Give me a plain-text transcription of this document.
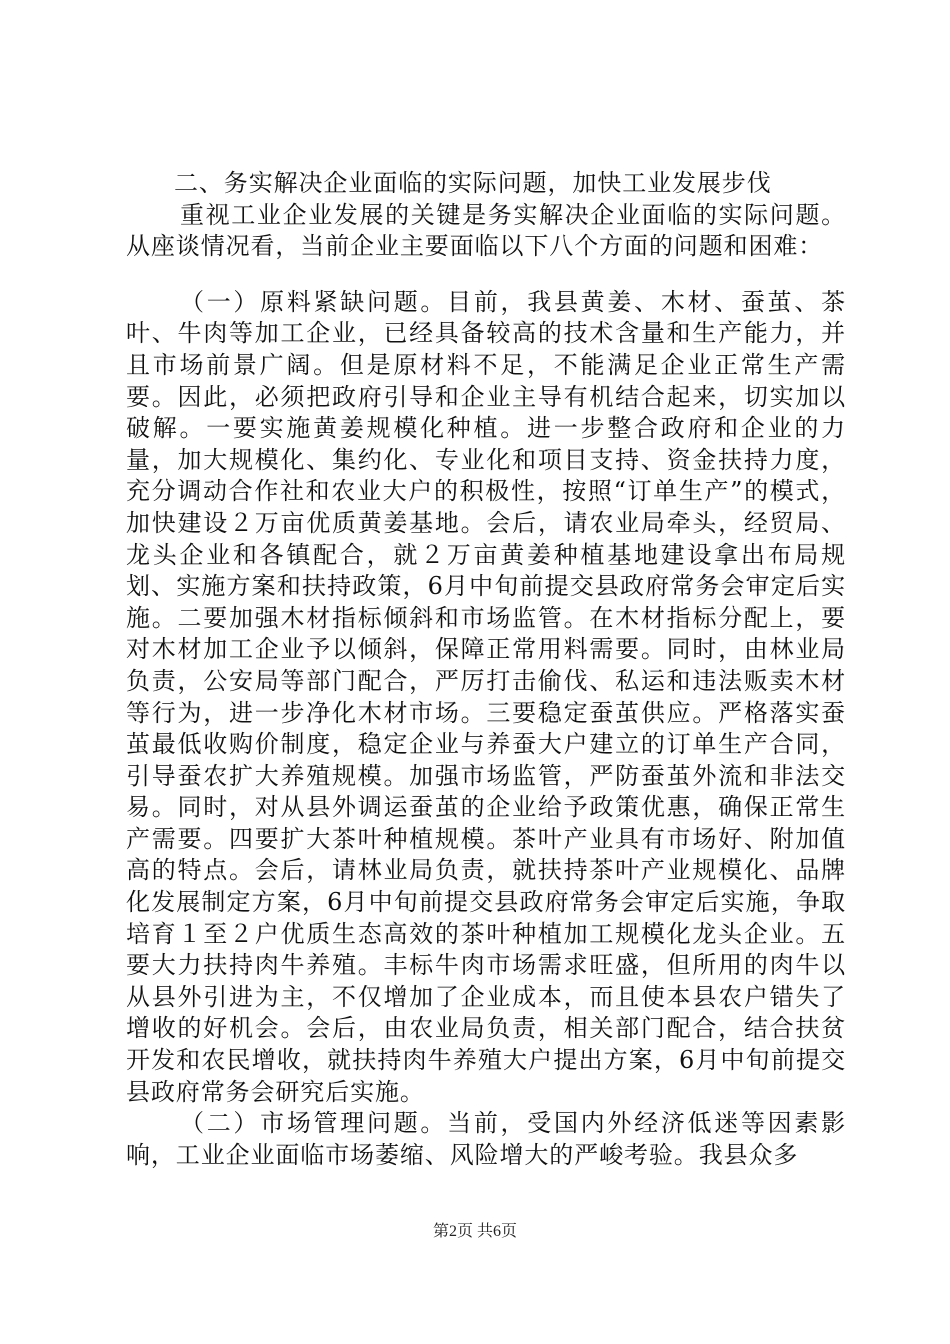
二、务实解决企业面临的实际问题，加快工业发展步伐

重视工业企业发展的关键是务实解决企业面临的实际问题。从座谈情况看，当前企业主要面临以下八个方面的问题和困难：

（一）原料紧缺问题。目前，我县黄姜、木材、蚕茧、茶叶、牛肉等加工企业，已经具备较高的技术含量和生产能力，并且市场前景广阔。但是原材料不足，不能满足企业正常生产需要。因此，必须把政府引导和企业主导有机结合起来，切实加以破解。一要实施黄姜规模化种植。进一步整合政府和企业的力量，加大规模化、集约化、专业化和项目支持、资金扶持力度，充分调动合作社和农业大户的积极性，按照“订单生产”的模式，加快建设２万亩优质黄姜基地。会后，请农业局牵头，经贸局、龙头企业和各镇配合，就２万亩黄姜种植基地建设拿出布局规划、实施方案和扶持政策，6月中旬前提交县政府常务会审定后实施。二要加强木材指标倾斜和市场监管。在木材指标分配上，要对木材加工企业予以倾斜，保障正常用料需要。同时，由林业局负责，公安局等部门配合，严厉打击偷伐、私运和违法贩卖木材等行为，进一步净化木材市场。三要稳定蚕茧供应。严格落实蚕茧最低收购价制度，稳定企业与养蚕大户建立的订单生产合同，引导蚕农扩大养殖规模。加强市场监管，严防蚕茧外流和非法交易。同时，对从县外调运蚕茧的企业给予政策优惠，确保正常生产需要。四要扩大茶叶种植规模。茶叶产业具有市场好、附加值高的特点。会后，请林业局负责，就扶持茶叶产业规模化、品牌化发展制定方案，6月中旬前提交县政府常务会审定后实施，争取培育１至２户优质生态高效的茶叶种植加工规模化龙头企业。五要大力扶持肉牛养殖。丰标牛肉市场需求旺盛，但所用的肉牛以从县外引进为主，不仅增加了企业成本，而且使本县农户错失了增收的好机会。会后，由农业局负责，相关部门配合，结合扶贫开发和农民增收，就扶持肉牛养殖大户提出方案，6月中旬前提交县政府常务会研究后实施。

（二）市场管理问题。当前，受国内外经济低迷等因素影响，工业企业面临市场萎缩、风险增大的严峻考验。我县众多

第2页 共6页
